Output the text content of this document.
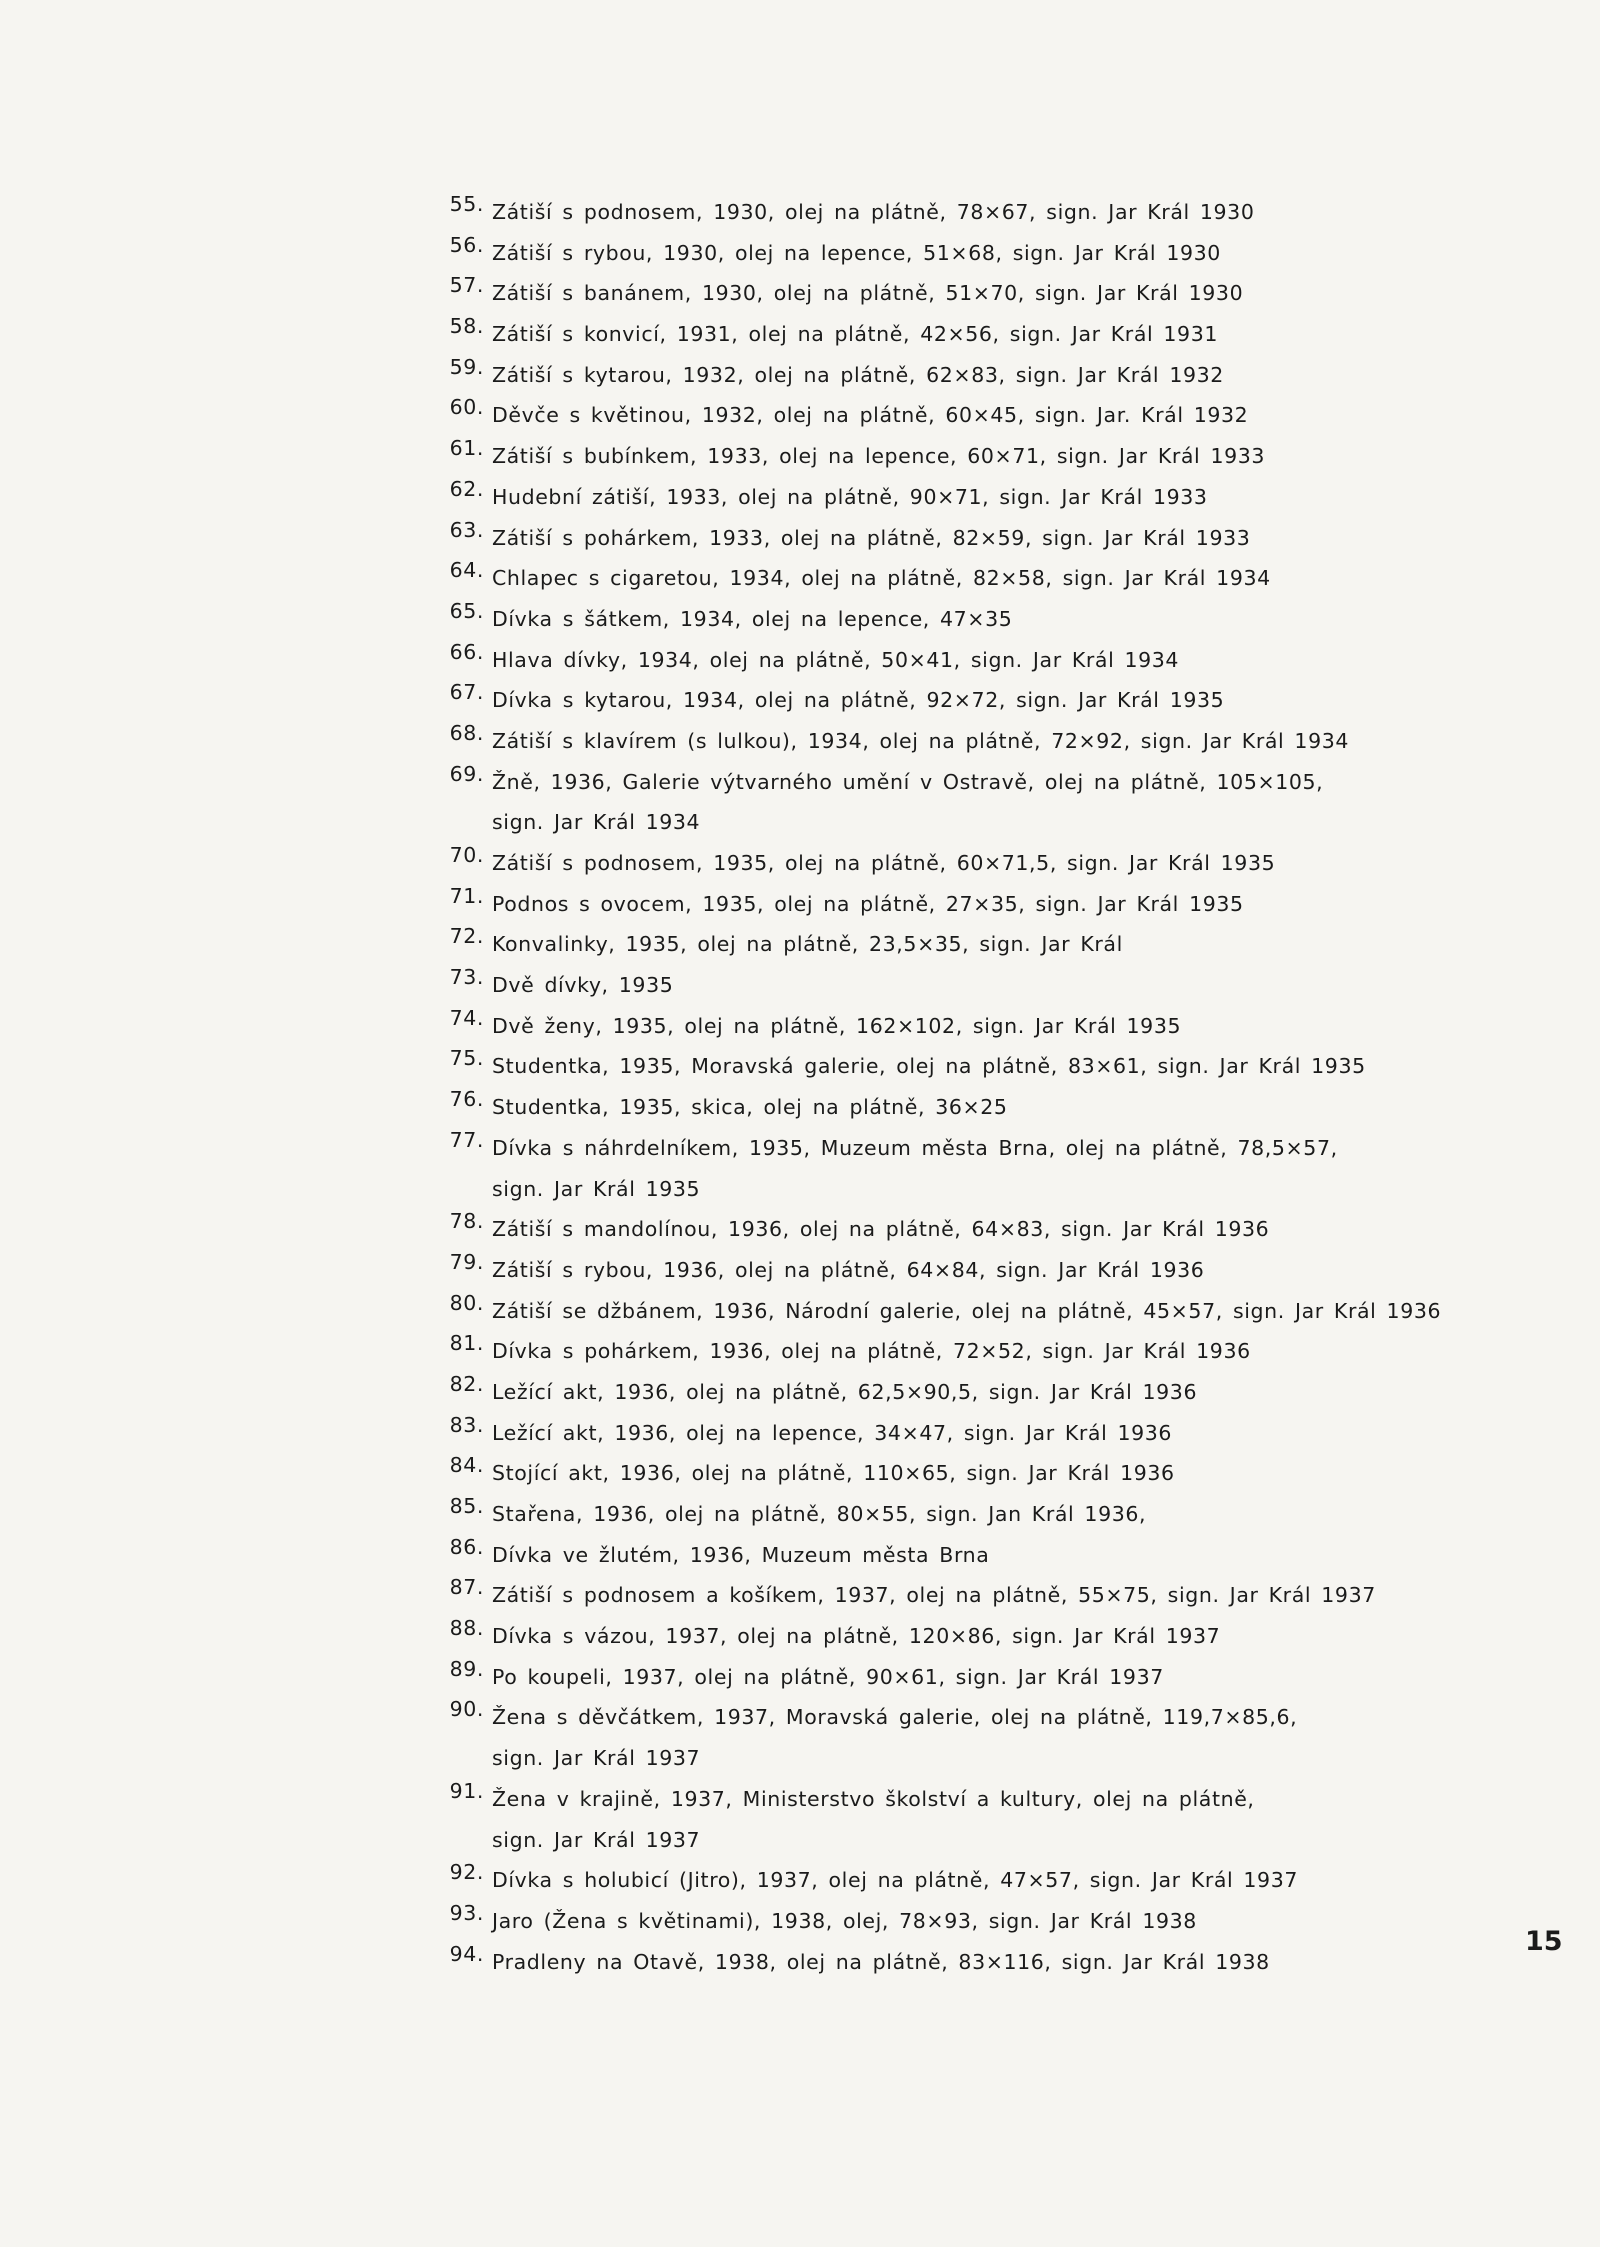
55. Zátiší s podnosem, 1930, olej na plátně, 78×67, sign. Jar Král 1930
56. Zátiší s rybou, 1930, olej na lepence, 51×68, sign. Jar Král 1930
57. Zátiší s banánem, 1930, olej na plátně, 51×70, sign. Jar Král 1930
58. Zátiší s konvicí, 1931, olej na plátně, 42×56, sign. Jar Král 1931
59. Zátiší s kytarou, 1932, olej na plátně, 62×83, sign. Jar Král 1932
60. Děvče s květinou, 1932, olej na plátně, 60×45, sign. Jar. Král 1932
61. Zátiší s bubínkem, 1933, olej na lepence, 60×71, sign. Jar Král 1933
62. Hudební zátiší, 1933, olej na plátně, 90×71, sign. Jar Král 1933
63. Zátiší s pohárkem, 1933, olej na plátně, 82×59, sign. Jar Král 1933
64. Chlapec s cigaretou, 1934, olej na plátně, 82×58, sign. Jar Král 1934
65. Dívka s šátkem, 1934, olej na lepence, 47×35
66. Hlava dívky, 1934, olej na plátně, 50×41, sign. Jar Král 1934
67. Dívka s kytarou, 1934, olej na plátně, 92×72, sign. Jar Král 1935
68. Zátiší s klavírem (s lulkou), 1934, olej na plátně, 72×92, sign. Jar Král 1934
69. Žně, 1936, Galerie výtvarného umění v Ostravě, olej na plátně, 105×105,
sign. Jar Král 1934
70. Zátiší s podnosem, 1935, olej na plátně, 60×71,5, sign. Jar Král 1935
71. Podnos s ovocem, 1935, olej na plátně, 27×35, sign. Jar Král 1935
72. Konvalinky, 1935, olej na plátně, 23,5×35, sign. Jar Král
73. Dvě dívky, 1935
74. Dvě ženy, 1935, olej na plátně, 162×102, sign. Jar Král 1935
75. Studentka, 1935, Moravská galerie, olej na plátně, 83×61, sign. Jar Král 1935
76. Studentka, 1935, skica, olej na plátně, 36×25
77. Dívka s náhrdelníkem, 1935, Muzeum města Brna, olej na plátně, 78,5×57,
sign. Jar Král 1935
78. Zátiší s mandolínou, 1936, olej na plátně, 64×83, sign. Jar Král 1936
79. Zátiší s rybou, 1936, olej na plátně, 64×84, sign. Jar Král 1936
80. Zátiší se džbánem, 1936, Národní galerie, olej na plátně, 45×57, sign. Jar Král 1936
81. Dívka s pohárkem, 1936, olej na plátně, 72×52, sign. Jar Král 1936
82. Ležící akt, 1936, olej na plátně, 62,5×90,5, sign. Jar Král 1936
83. Ležící akt, 1936, olej na lepence, 34×47, sign. Jar Král 1936
84. Stojící akt, 1936, olej na plátně, 110×65, sign. Jar Král 1936
85. Stařena, 1936, olej na plátně, 80×55, sign. Jan Král 1936,
86. Dívka ve žlutém, 1936, Muzeum města Brna
87. Zátiší s podnosem a košíkem, 1937, olej na plátně, 55×75, sign. Jar Král 1937
88. Dívka s vázou, 1937, olej na plátně, 120×86, sign. Jar Král 1937
89. Po koupeli, 1937, olej na plátně, 90×61, sign. Jar Král 1937
90. Žena s děvčátkem, 1937, Moravská galerie, olej na plátně, 119,7×85,6,
sign. Jar Král 1937
91. Žena v krajině, 1937, Ministerstvo školství a kultury, olej na plátně,
sign. Jar Král 1937
92. Dívka s holubicí (Jitro), 1937, olej na plátně, 47×57, sign. Jar Král 1937
93. Jaro (Žena s květinami), 1938, olej, 78×93, sign. Jar Král 1938
94. Pradleny na Otavě, 1938, olej na plátně, 83×116, sign. Jar Král 1938
15
